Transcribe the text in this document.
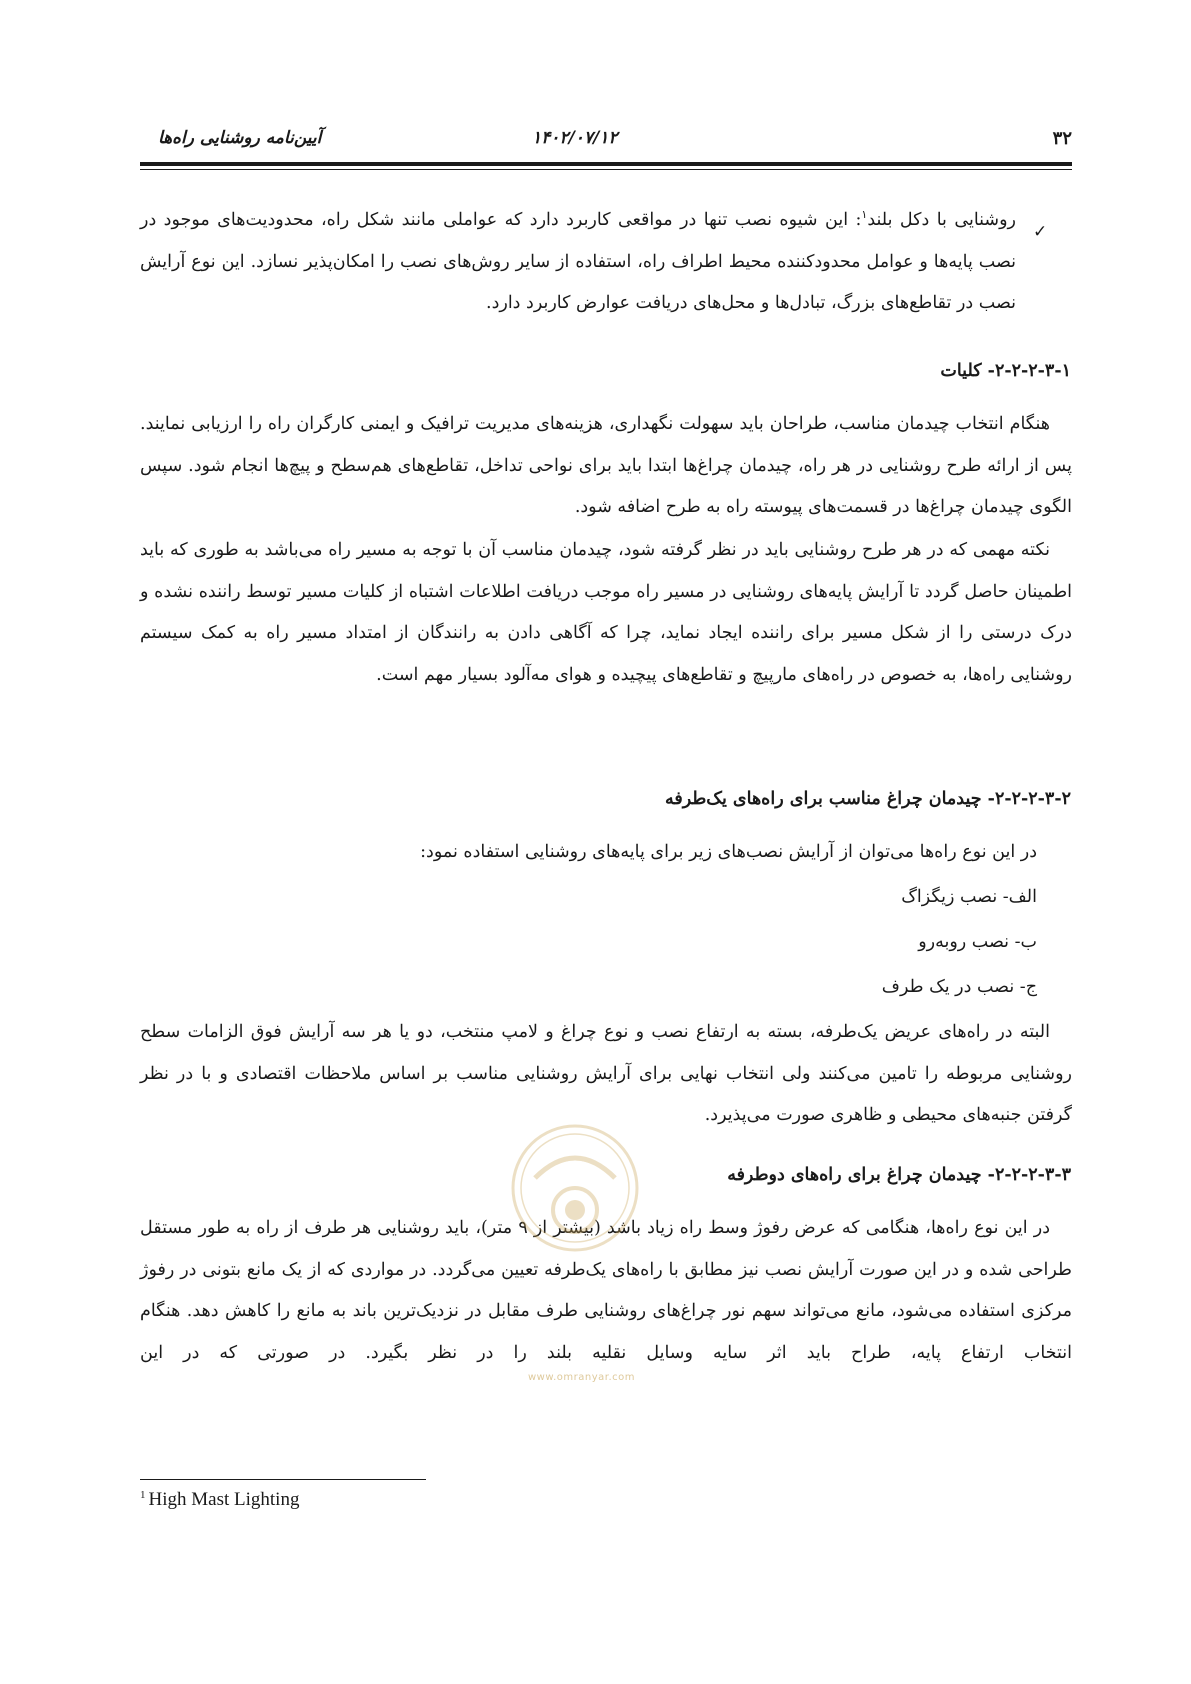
۳۲
۱۴۰۲/۰۷/۱۲
آیین‌نامه روشنایی راه‌ها
✓
روشنایی با دکل بلند$^۱$: این شیوه نصب تنها در مواقعی کاربرد دارد که عواملی مانند شکل راه، محدودیت‌های موجود در نصب پایه‌ها و عوامل محدودکننده محیط اطراف راه، استفاده از سایر روش‌های نصب را امکان‌پذیر نسازد. این نوع آرایش نصب در تقاطع‌های بزرگ، تبادل‌ها و محل‌های دریافت عوارض کاربرد دارد.
۲-۲-۲-۳-۱- کلیات
هنگام انتخاب چیدمان مناسب، طراحان باید سهولت نگهداری، هزینه‌های مدیریت ترافیک و ایمنی کارگران راه را ارزیابی نمایند. پس از ارائه طرح روشنایی در هر راه، چیدمان چراغ‌ها ابتدا باید برای نواحی تداخل، تقاطع‌های هم‌سطح و پیچ‌ها انجام شود. سپس الگوی چیدمان چراغ‌ها در قسمت‌های پیوسته راه به طرح اضافه شود.
نکته مهمی که در هر طرح روشنایی باید در نظر گرفته شود، چیدمان مناسب آن با توجه به مسیر راه می‌باشد به طوری که باید اطمینان حاصل گردد تا آرایش پایه‌های روشنایی در مسیر راه موجب دریافت اطلاعات اشتباه از کلیات مسیر توسط راننده نشده و درک درستی را از شکل مسیر برای راننده ایجاد نماید، چرا که آگاهی دادن به رانندگان از امتداد مسیر راه به کمک سیستم روشنایی راه‌ها، به خصوص در راه‌های مارپیچ و تقاطع‌های پیچیده و هوای مه‌آلود بسیار مهم است.
۲-۲-۲-۳-۲- چیدمان چراغ مناسب برای راه‌های یک‌طرفه
در این نوع راه‌ها می‌توان از آرایش نصب‌های زیر برای پایه‌های روشنایی استفاده نمود:
الف- نصب زیگزاگ
ب- نصب روبه‌رو
ج- نصب در یک طرف
البته در راه‌های عریض یک‌طرفه، بسته به ارتفاع نصب و نوع چراغ و لامپ منتخب، دو یا هر سه آرایش فوق الزامات سطح روشنایی مربوطه را تامین می‌کنند ولی انتخاب نهایی برای آرایش روشنایی مناسب بر اساس ملاحظات اقتصادی و با در نظر گرفتن جنبه‌های محیطی و ظاهری صورت می‌پذیرد.
۲-۲-۲-۳-۳- چیدمان چراغ برای راه‌های دوطرفه
در این نوع راه‌ها، هنگامی که عرض رفوژ وسط راه زیاد باشد (بیشتر از ۹ متر)، باید روشنایی هر طرف از راه به طور مستقل طراحی شده و در این صورت آرایش نصب نیز مطابق با راه‌های یک‌طرفه تعیین می‌گردد. در مواردی که از یک مانع بتونی در رفوژ مرکزی استفاده می‌شود، مانع می‌تواند سهم نور چراغ‌های روشنایی طرف مقابل در نزدیک‌ترین باند به مانع را کاهش دهد. هنگام انتخاب ارتفاع پایه، طراح باید اثر سایه وسایل نقلیه بلند را در نظر بگیرد. در صورتی که در این
www.omranyar.com
$^1$ High Mast Lighting
